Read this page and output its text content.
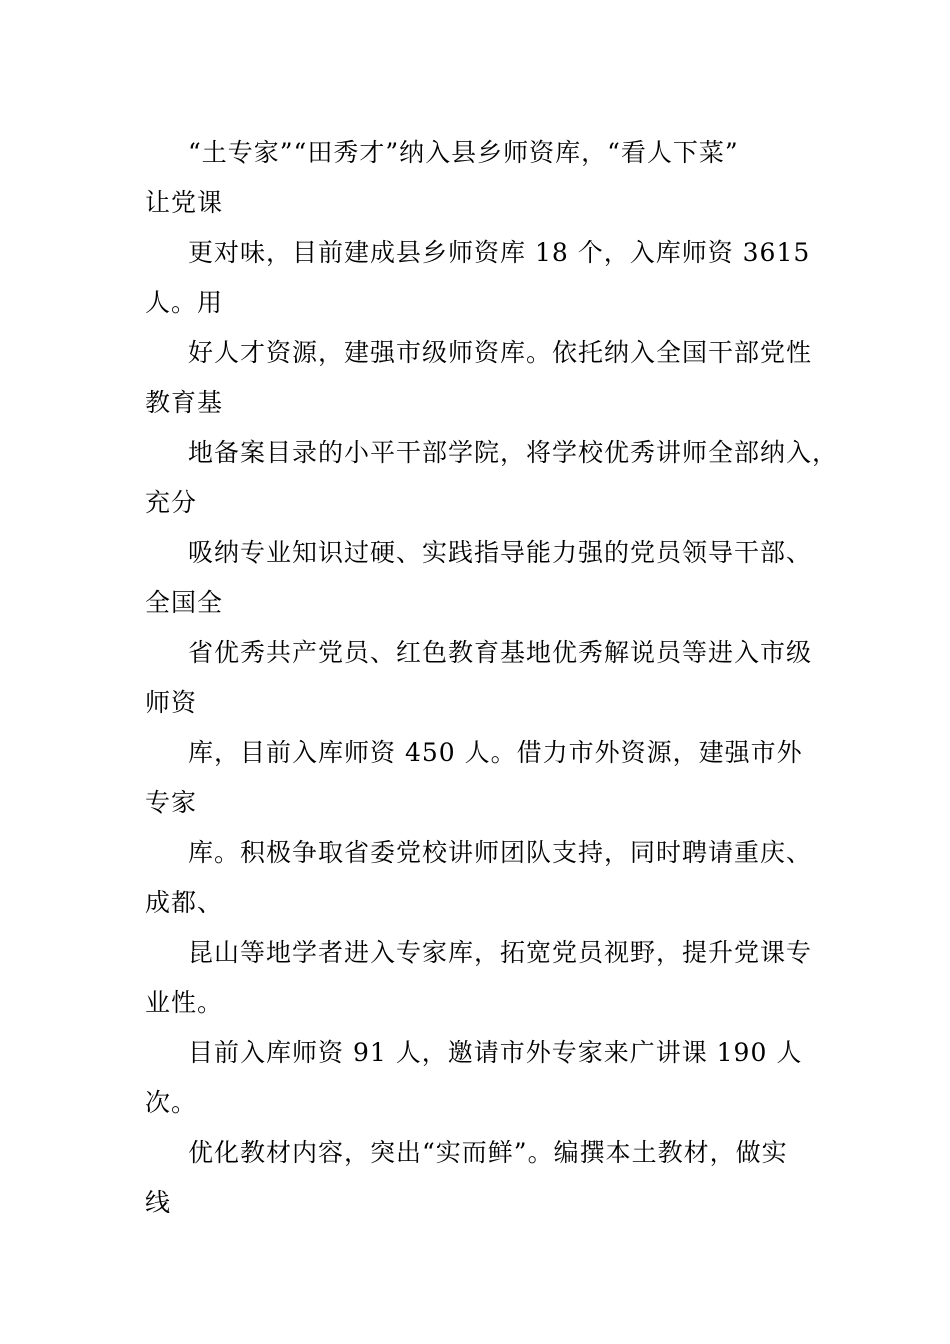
“土专家”“田秀才”纳入县乡师资库，“看人下菜”
让党课

更对味，目前建成县乡师资库 18 个，入库师资 3615
人。用

好人才资源，建强市级师资库。依托纳入全国干部党性
教育基

地备案目录的小平干部学院，将学校优秀讲师全部纳入，
充分

吸纳专业知识过硬、实践指导能力强的党员领导干部、
全国全

省优秀共产党员、红色教育基地优秀解说员等进入市级
师资

库，目前入库师资 450 人。借力市外资源，建强市外
专家

库。积极争取省委党校讲师团队支持，同时聘请重庆、
成都、

昆山等地学者进入专家库，拓宽党员视野，提升党课专
业性。

目前入库师资 91 人，邀请市外专家来广讲课 190 人
次。

优化教材内容，突出“实而鲜”。编撰本土教材，做实
线
